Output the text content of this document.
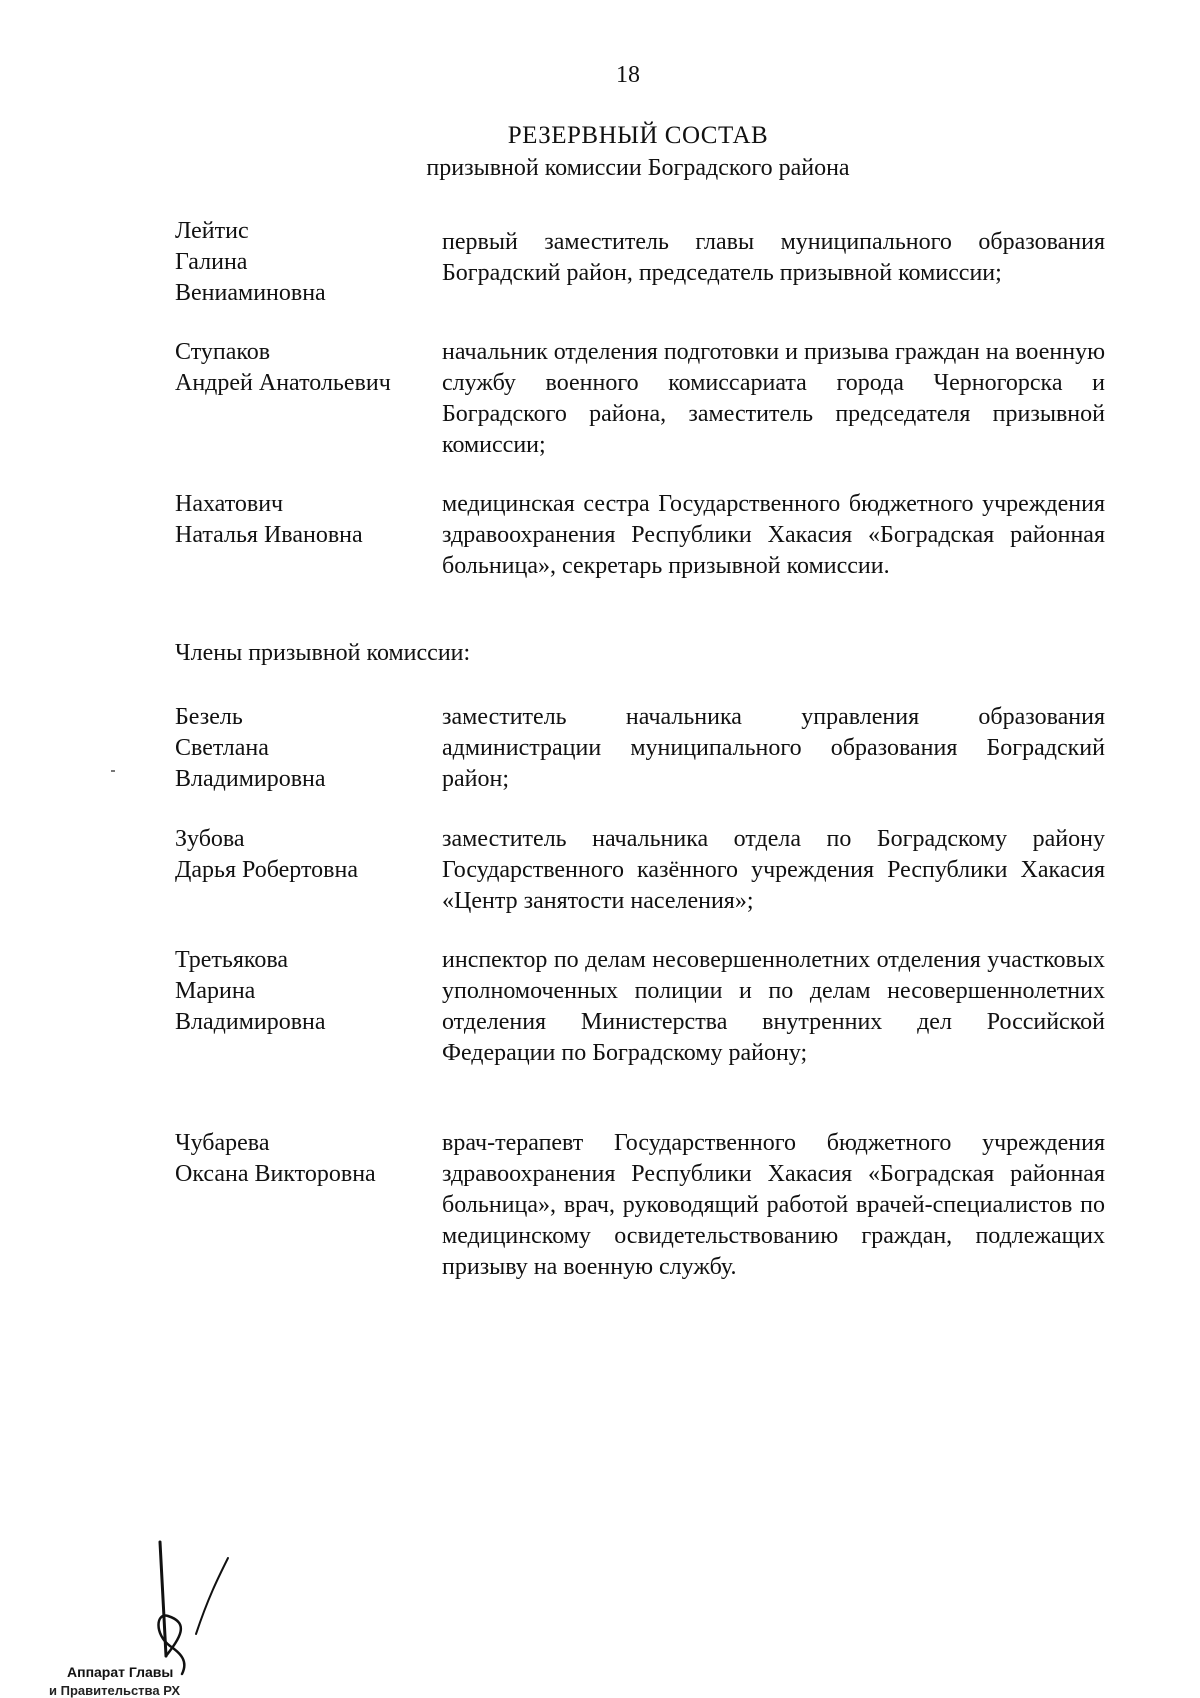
18
РЕЗЕРВНЫЙ СОСТАВ
призывной комиссии Боградского района
Лейтис
Галина
Вениаминовна
первый заместитель главы муниципального образования Боградский район, председатель призывной комиссии;
Ступаков
Андрей Анатольевич
начальник отделения подготовки и призыва граждан на военную службу военного комиссариата города Черногорска и Боградского района, заместитель председателя призывной комиссии;
Нахатович
Наталья Ивановна
медицинская сестра Государственного бюджетного учреждения здравоохранения Республики Хакасия «Боградская районная больница», секретарь призывной комиссии.
Члены призывной комиссии:
Безель
Светлана
Владимировна
заместитель начальника управления образования администрации муниципального образования Боградский район;
Зубова
Дарья Робертовна
заместитель начальника отдела по Боградскому району Государственного казённого учреждения Республики Хакасия «Центр занятости населения»;
Третьякова
Марина
Владимировна
инспектор по делам несовершеннолетних отделения участковых уполномоченных полиции и по делам несовершеннолетних отделения Министерства внутренних дел Российской Федерации по Боградскому району;
Чубарева
Оксана Викторовна
врач-терапевт Государственного бюджетного учреждения здравоохранения Республики Хакасия «Боградская районная больница», врач, руководящий работой врачей-специалистов по медицинскому освидетельствованию граждан, подлежащих призыву на военную службу.
Аппарат Главы
и Правительства РХ
